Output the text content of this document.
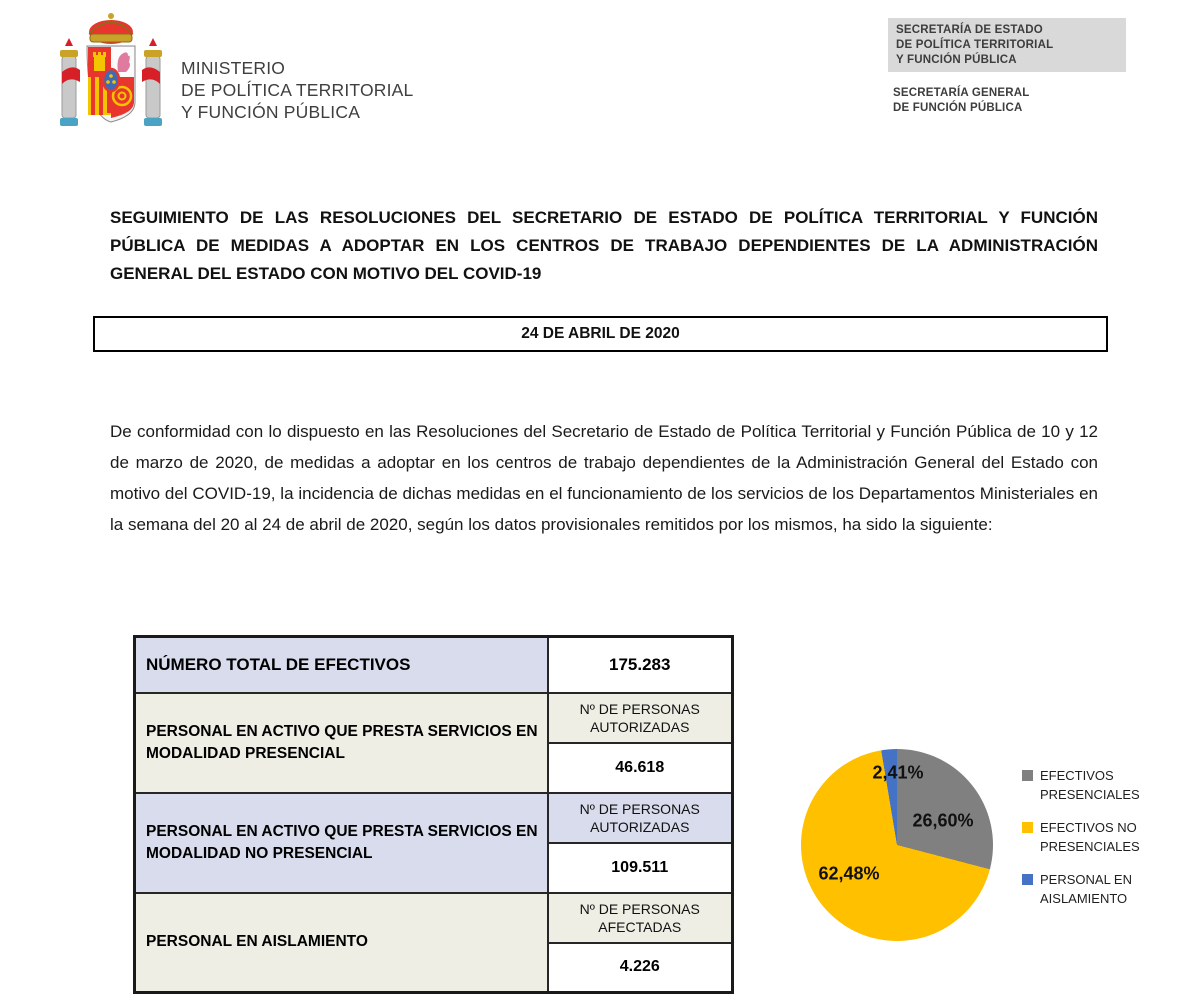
MINISTERIO
DE POLÍTICA TERRITORIAL
Y FUNCIÓN PÚBLICA
SECRETARÍA DE ESTADO
DE POLÍTICA TERRITORIAL
Y FUNCIÓN PÚBLICA
SECRETARÍA GENERAL
DE FUNCIÓN PÚBLICA
SEGUIMIENTO DE LAS RESOLUCIONES DEL SECRETARIO DE ESTADO DE POLÍTICA TERRITORIAL Y FUNCIÓN PÚBLICA DE MEDIDAS A ADOPTAR EN LOS CENTROS DE TRABAJO DEPENDIENTES DE LA ADMINISTRACIÓN GENERAL DEL ESTADO CON MOTIVO DEL COVID-19
24 DE ABRIL DE 2020
De conformidad con lo dispuesto en las Resoluciones del Secretario de Estado de Política Territorial y Función Pública de 10 y 12 de marzo de 2020, de medidas a adoptar en los centros de trabajo dependientes de la Administración General del Estado con motivo del COVID-19, la incidencia de dichas medidas en el funcionamiento de los servicios de los Departamentos Ministeriales en la semana del 20 al 24 de abril de 2020, según los datos provisionales remitidos por los mismos, ha sido la siguiente:
NÚMERO TOTAL DE EFECTIVOS	175.283
PERSONAL EN ACTIVO QUE PRESTA SERVICIOS EN MODALIDAD PRESENCIAL	Nº DE PERSONAS AUTORIZADAS
	46.618
PERSONAL EN ACTIVO QUE PRESTA SERVICIOS EN MODALIDAD NO PRESENCIAL	Nº DE PERSONAS AUTORIZADAS
	109.511
PERSONAL EN AISLAMIENTO	Nº DE PERSONAS AFECTADAS
	4.226
26,60%
62,48%
2,41%	EFECTIVOS PRESENCIALES
EFECTIVOS NO PRESENCIALES
PERSONAL EN AISLAMIENTO
